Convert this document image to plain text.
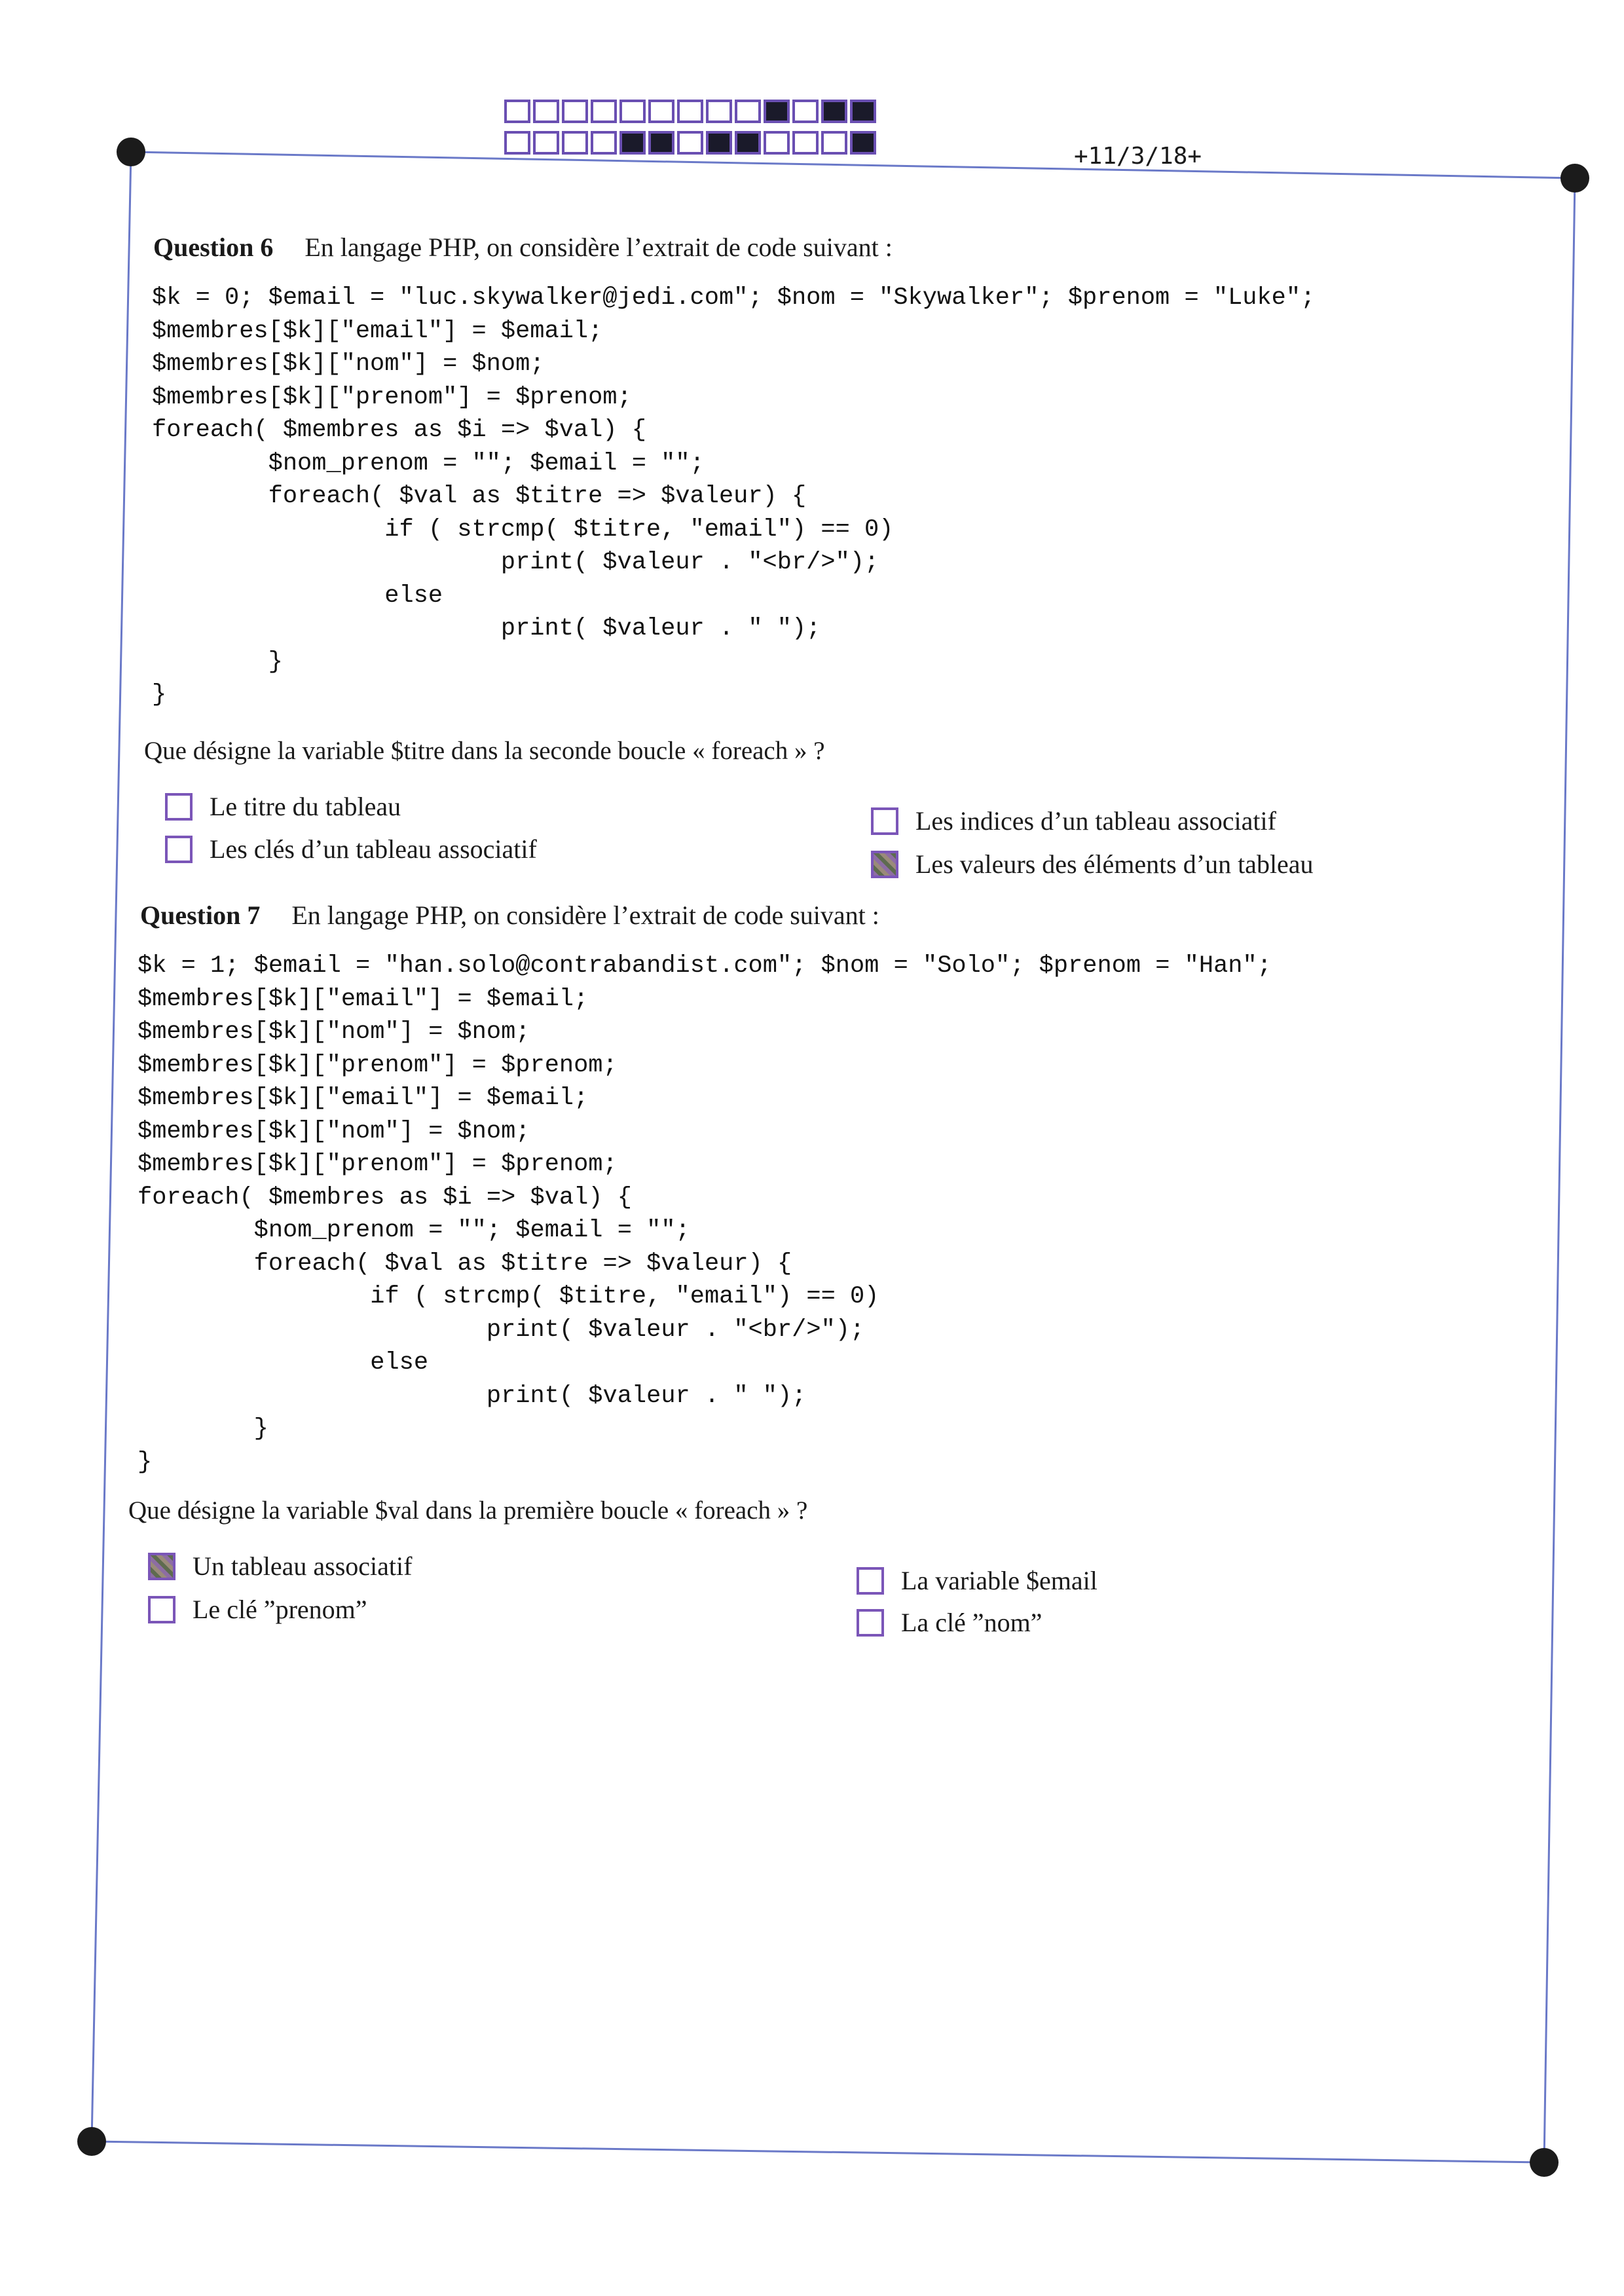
+11/3/18+
Question 6 En langage PHP, on considère l’extrait de code suivant :
$k = 0; $email = "luc.skywalker@jedi.com"; $nom = "Skywalker"; $prenom = "Luke";
$membres[$k]["email"] = $email;
$membres[$k]["nom"] = $nom;
$membres[$k]["prenom"] = $prenom;
foreach( $membres as $i => $val) {
$nom_prenom = ""; $email = "";
foreach( $val as $titre => $valeur) {
if ( strcmp( $titre, "email") == 0)
print( $valeur . "<br/>");
else
print( $valeur . " ");
}
}
Que désigne la variable $titre dans la seconde boucle « foreach » ?
Le titre du tableau
Les clés d’un tableau associatif
Les indices d’un tableau associatif
Les valeurs des éléments d’un tableau
Question 7 En langage PHP, on considère l’extrait de code suivant :
$k = 1; $email = "han.solo@contrabandist.com"; $nom = "Solo"; $prenom = "Han";
$membres[$k]["email"] = $email;
$membres[$k]["nom"] = $nom;
$membres[$k]["prenom"] = $prenom;
$membres[$k]["email"] = $email;
$membres[$k]["nom"] = $nom;
$membres[$k]["prenom"] = $prenom;
foreach( $membres as $i => $val) {
$nom_prenom = ""; $email = "";
foreach( $val as $titre => $valeur) {
if ( strcmp( $titre, "email") == 0)
print( $valeur . "<br/>");
else
print( $valeur . " ");
}
}
Que désigne la variable $val dans la première boucle « foreach » ?
Un tableau associatif
Le clé ”prenom”
La variable $email
La clé ”nom”
